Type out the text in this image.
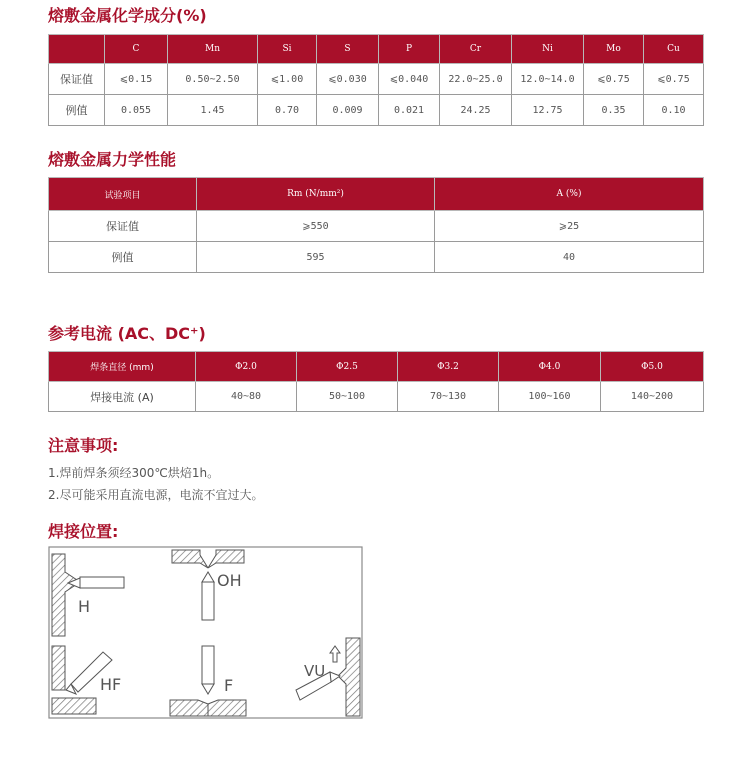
熔敷金属化学成分(%)
	C	Mn	Si	S	P	Cr	Ni	Mo	Cu
保证值	⩽0.15	0.50~2.50	⩽1.00	⩽0.030	⩽0.040	22.0~25.0	12.0~14.0	⩽0.75	⩽0.75
例值	0.055	1.45	0.70	0.009	0.021	24.25	12.75	0.35	0.10
熔敷金属力学性能
试验项目	Rm (N/mm²)	A (%)
保证值	⩾550	⩾25
例值	595	40
参考电流 (AC、DC⁺)
焊条直径 (mm)	Φ2.0	Φ2.5	Φ3.2	Φ4.0	Φ5.0
焊接电流 (A)	40~80	50~100	70~130	100~160	140~200
注意事项:
1.焊前焊条须经300℃烘焙1h。
2.尽可能采用直流电源，电流不宜过大。
焊接位置:
H
OH
HF	F
VU
